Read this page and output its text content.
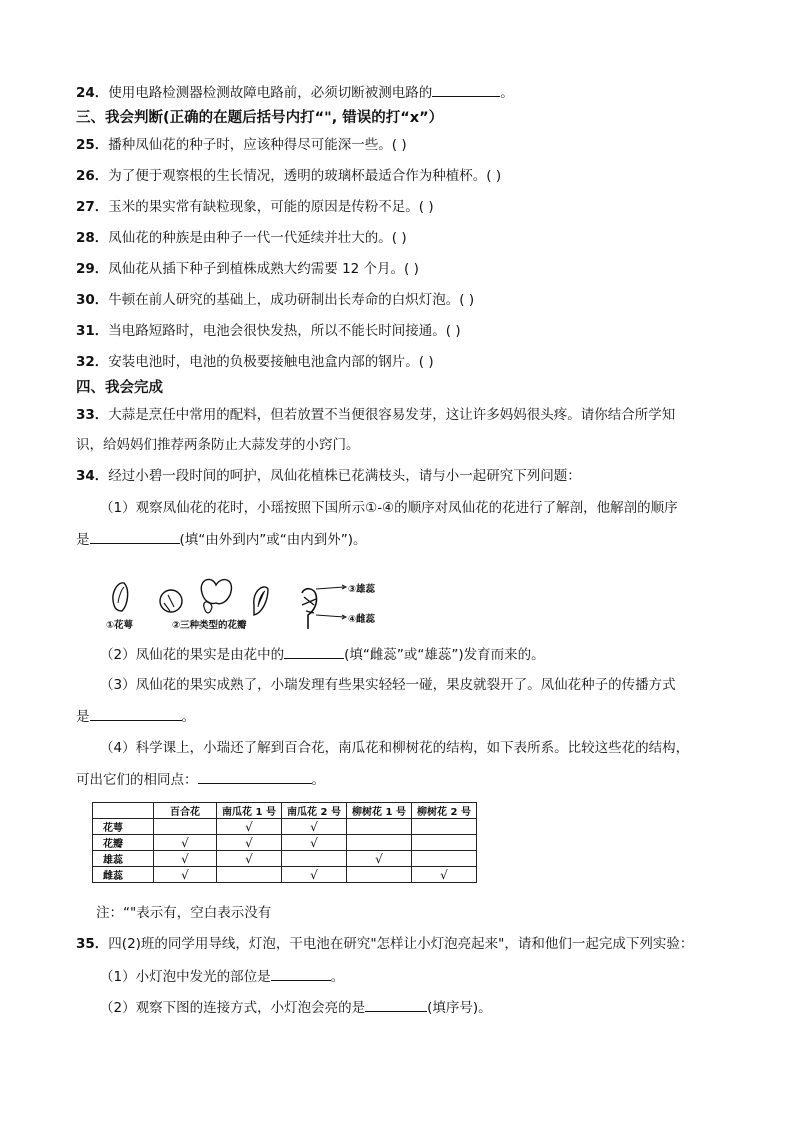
24．使用电路检测器检测故障电路前，必须切断被测电路的	。
三、我会判断(正确的在题后括号内打“", 错误的打“x”）
25．播种凤仙花的种子时，应该种得尽可能深一些。( )
26．为了便于观察根的生长情况，透明的玻璃杯最适合作为种植杯。( )
27．玉米的果实常有缺粒现象，可能的原因是传粉不足。( )
28．凤仙花的种族是由种子一代一代延续并壮大的。( )
29．凤仙花从插下种子到植株成熟大约需要 12 个月。( )
30．牛顿在前人研究的基础上，成功研制出长寿命的白炽灯泡。( )
31．当电路短路时，电池会很快发热，所以不能长时间接通。( )
32．安装电池时，电池的负极要接触电池盒内部的钢片。( )
四、我会完成
33．大蒜是烹任中常用的配料，但若放置不当便很容易发芽，这让许多妈妈很头疼。请你结合所学知
识，给妈妈们推荐两条防止大蒜发芽的小窍门。
34．经过小碧一段时间的呵护，凤仙花植株已花满枝头，请与小一起研究下列问题：
（1）观察凤仙花的花时，小瑶按照下国所示①-④的顺序对凤仙花的花进行了解剖，他解剖的顺序
是	(填“由外到内”或“由内到外”)。
①花萼	②三种类型的花瓣
③雄蕊
④雌蕊
（2）凤仙花的果实是由花中的	(填“雌蕊”或“雄蕊”)发育而来的。
（3）凤仙花的果实成熟了，小瑞发理有些果实轻轻一碰，果皮就裂开了。凤仙花种子的传播方式
是	。
（4）科学课上，小瑞还了解到百合花，南瓜花和柳树花的结构，如下表所系。比较这些花的结构，
可出它们的相同点：	。
	百合花	南瓜花 1 号	南瓜花 2 号	柳树花 1 号	柳树花 2 号
花萼		√	√		
花瓣	√	√	√		
雄蕊	√	√		√	
雌蕊	√		√		√
注：“"表示有，空白表示没有
35．四(2)班的同学用导线，灯泡，干电池在研究"怎样让小灯泡亮起来"，请和他们一起完成下列实验：
（1）小灯泡中发光的部位是	。
（2）观察下图的连接方式，小灯泡会亮的是	(填序号)。
